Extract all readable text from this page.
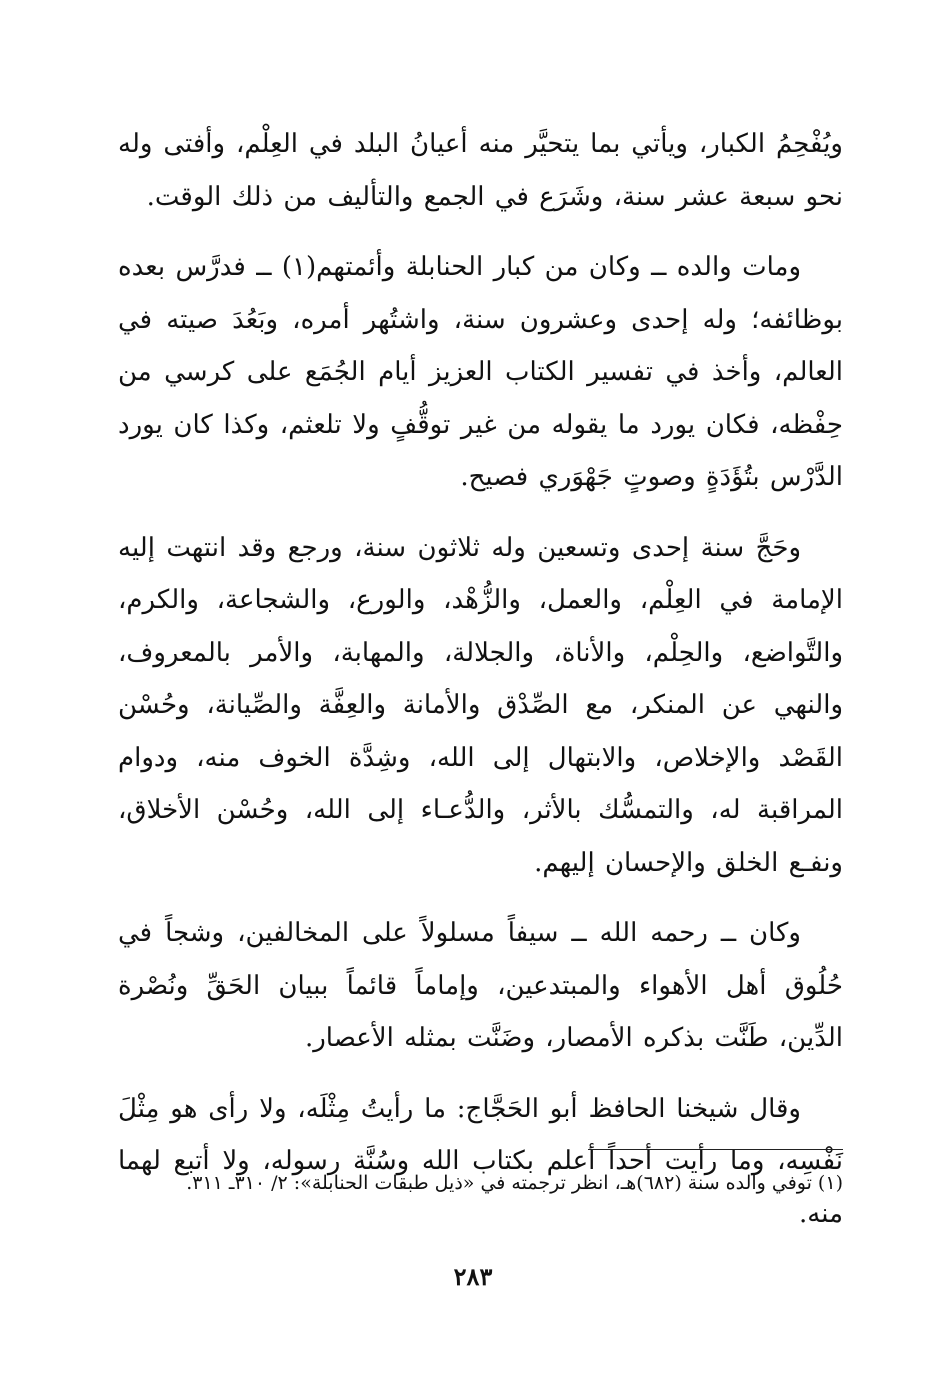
ويُفْحِمُ الكبار، ويأتي بما يتحيَّر منه أعيانُ البلد في العِلْم، وأفتى وله نحو سبعة عشر سنة، وشَرَع في الجمع والتأليف من ذلك الوقت.

ومات والده ــ وكان من كبار الحنابلة وأئمتهم(١) ــ فدرَّس بعده بوظائفه؛ وله إحدى وعشرون سنة، واشتُهر أمره، وبَعُدَ صيته في العالم، وأخذ في تفسير الكتاب العزيز أيام الجُمَع على كرسي من حِفْظه، فكان يورد ما يقوله من غير توقُّفٍ ولا تلعثم، وكذا كان يورد الدَّرْس بتُؤَدَةٍ وصوتٍ جَهْوَري فصيح.

وحَجَّ سنة إحدى وتسعين وله ثلاثون سنة، ورجع وقد انتهت إليه الإمامة في العِلْم، والعمل، والزُّهْد، والورع، والشجاعة، والكرم، والتَّواضع، والحِلْم، والأناة، والجلالة، والمهابة، والأمر بالمعروف، والنهي عن المنكر، مع الصِّدْق والأمانة والعِفَّة والصِّيانة، وحُسْن القَصْد والإخلاص، والابتهال إلى الله، وشِدَّة الخوف منه، ودوام المراقبة له، والتمسُّك بالأثر، والدُّعـاء إلى الله، وحُسْن الأخلاق، ونفـع الخلق والإحسان إليهم.

وكان ــ رحمه الله ــ سيفاً مسلولاً على المخالفين، وشجاً في حُلُوق أهل الأهواء والمبتدعين، وإماماً قائماً ببيان الحَقِّ ونُصْرة الدِّين، طَنَّت بذكره الأمصار، وضَنَّت بمثله الأعصار.

وقال شيخنا الحافظ أبو الحَجَّاج: ما رأيتُ مِثْلَه، ولا رأى هو مِثْلَ نَفْسِه، وما رأيت أحداً أعلم بكتاب الله وسُنَّة رسوله، ولا أتبع لهما منه.

(١) توفي والده سنة (٦٨٢)هـ، انظر ترجمته في «ذيل طبقات الحنابلة»: ٢/ ٣١٠ـ ٣١١.
٢٨٣
